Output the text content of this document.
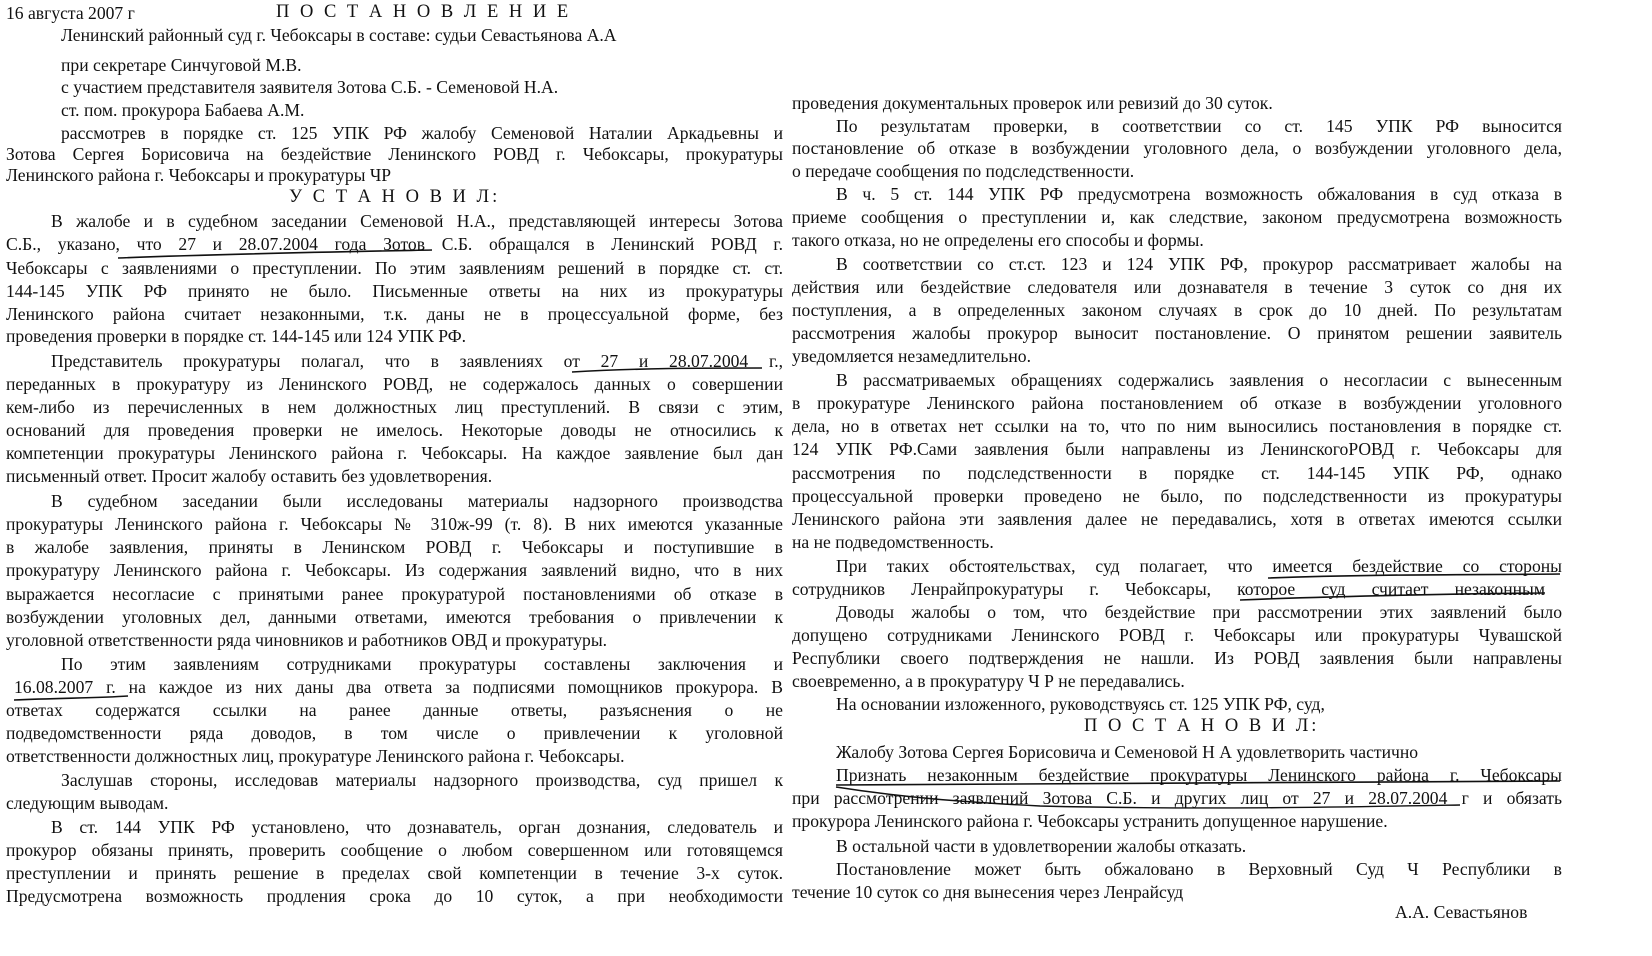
16 августа 2007 г	П О С Т А Н О В Л Е Н И Е
Ленинский районный суд г. Чебоксары в составе: судьи Севастьянова А.А
при секретаре Синчуговой М.В.
с участием представителя заявителя Зотова С.Б. - Семеновой Н.А.
ст. пом. прокурора Бабаева А.М.
рассмотрев в порядке ст. 125 УПК РФ жалобу Семеновой Наталии Аркадьевны и
Зотова Сергея Борисовича на бездействие Ленинского РОВД г. Чебоксары, прокуратуры
Ленинского района г. Чебоксары и прокуратуры ЧР
У С Т А Н О В И Л:
В жалобе и в судебном заседании Семеновой Н.А., представляющей интересы Зотова
С.Б., указано, что 27 и 28.07.2004 года Зотов С.Б. обращался в Ленинский РОВД г.
Чебоксары с заявлениями о преступлении. По этим заявлениям решений в порядке ст. ст.
144-145 УПК РФ принято не было. Письменные ответы на них из прокуратуры
Ленинского района считает незаконными, т.к. даны не в процессуальной форме, без
проведения проверки в порядке ст. 144-145 или 124 УПК РФ.
Представитель прокуратуры полагал, что в заявлениях от 27 и 28.07.2004 г.,
переданных в прокуратуру из Ленинского РОВД, не содержалось данных о совершении
кем-либо из перечисленных в нем должностных лиц преступлений. В связи с этим,
оснований для проведения проверки не имелось. Некоторые доводы не относились к
компетенции прокуратуры Ленинского района г. Чебоксары. На каждое заявление был дан
письменный ответ. Просит жалобу оставить без удовлетворения.
В судебном заседании были исследованы материалы надзорного производства
прокуратуры Ленинского района г. Чебоксары № 310ж-99 (т. 8). В них имеются указанные
в жалобе заявления, приняты в Ленинском РОВД г. Чебоксары и поступившие в
прокуратуру Ленинского района г. Чебоксары. Из содержания заявлений видно, что в них
выражается несогласие с принятыми ранее прокуратурой постановлениями об отказе в
возбуждении уголовных дел, данными ответами, имеются требования о привлечении к
уголовной ответственности ряда чиновников и работников ОВД и прокуратуры.
По этим заявлениям сотрудниками прокуратуры составлены заключения и
16.08.2007 г. на каждое из них даны два ответа за подписями помощников прокурора. В
ответах содержатся ссылки на ранее данные ответы, разъяснения о не
подведомственности ряда доводов, в том числе о привлечении к уголовной
ответственности должностных лиц, прокуратуре Ленинского района г. Чебоксары.
Заслушав стороны, исследовав материалы надзорного производства, суд пришел к
следующим выводам.
В ст. 144 УПК РФ установлено, что дознаватель, орган дознания, следователь и
прокурор обязаны принять, проверить сообщение о любом совершенном или готовящемся
преступлении и принять решение в пределах свой компетенции в течение 3-х суток.
Предусмотрена возможность продления срока до 10 суток, а при необходимости
проведения документальных проверок или ревизий до 30 суток.
По результатам проверки, в соответствии со ст. 145 УПК РФ выносится
постановление об отказе в возбуждении уголовного дела, о возбуждении уголовного дела,
о передаче сообщения по подследственности.
В ч. 5 ст. 144 УПК РФ предусмотрена возможность обжалования в суд отказа в
приеме сообщения о преступлении и, как следствие, законом предусмотрена возможность
такого отказа, но не определены его способы и формы.
В соответствии со ст.ст. 123 и 124 УПК РФ, прокурор рассматривает жалобы на
действия или бездействие следователя или дознавателя в течение 3 суток со дня их
поступления, а в определенных законом случаях в срок до 10 дней. По результатам
рассмотрения жалобы прокурор выносит постановление. О принятом решении заявитель
уведомляется незамедлительно.
В рассматриваемых обращениях содержались заявления о несогласии с вынесенным
в прокуратуре Ленинского района постановлением об отказе в возбуждении уголовного
дела, но в ответах нет ссылки на то, что по ним выносились постановления в порядке ст.
124 УПК РФ.Сами заявления были направлены из ЛенинскогоРОВД г. Чебоксары для
рассмотрения по подследственности в порядке ст. 144-145 УПК РФ, однако
процессуальной проверки проведено не было, по подследственности из прокуратуры
Ленинского района эти заявления далее не передавались, хотя в ответах имеются ссылки
на не подведомственность.
При таких обстоятельствах, суд полагает, что имеется бездействие со стороны
сотрудников Ленрайпрокуратуры г. Чебоксары, которое суд считает незаконным
Доводы жалобы о том, что бездействие при рассмотрении этих заявлений было
допущено сотрудниками Ленинского РОВД г. Чебоксары или прокуратуры Чувашской
Республики своего подтверждения не нашли. Из РОВД заявления были направлены
своевременно, а в прокуратуру Ч Р не передавались.
На основании изложенного, руководствуясь ст. 125 УПК РФ, суд,
П О С Т А Н О В И Л:
Жалобу Зотова Сергея Борисовича и Семеновой Н А удовлетворить частично
Признать незаконным бездействие прокуратуры Ленинского района г. Чебоксары
при рассмотрении заявлений Зотова С.Б. и других лиц от 27 и 28.07.2004 г и обязать
прокурора Ленинского района г. Чебоксары устранить допущенное нарушение.
В остальной части в удовлетворении жалобы отказать.
Постановление может быть обжаловано в Верховный Суд Ч Республики в
течение 10 суток со дня вынесения через Ленрайсуд
А.А. Севастьянов
